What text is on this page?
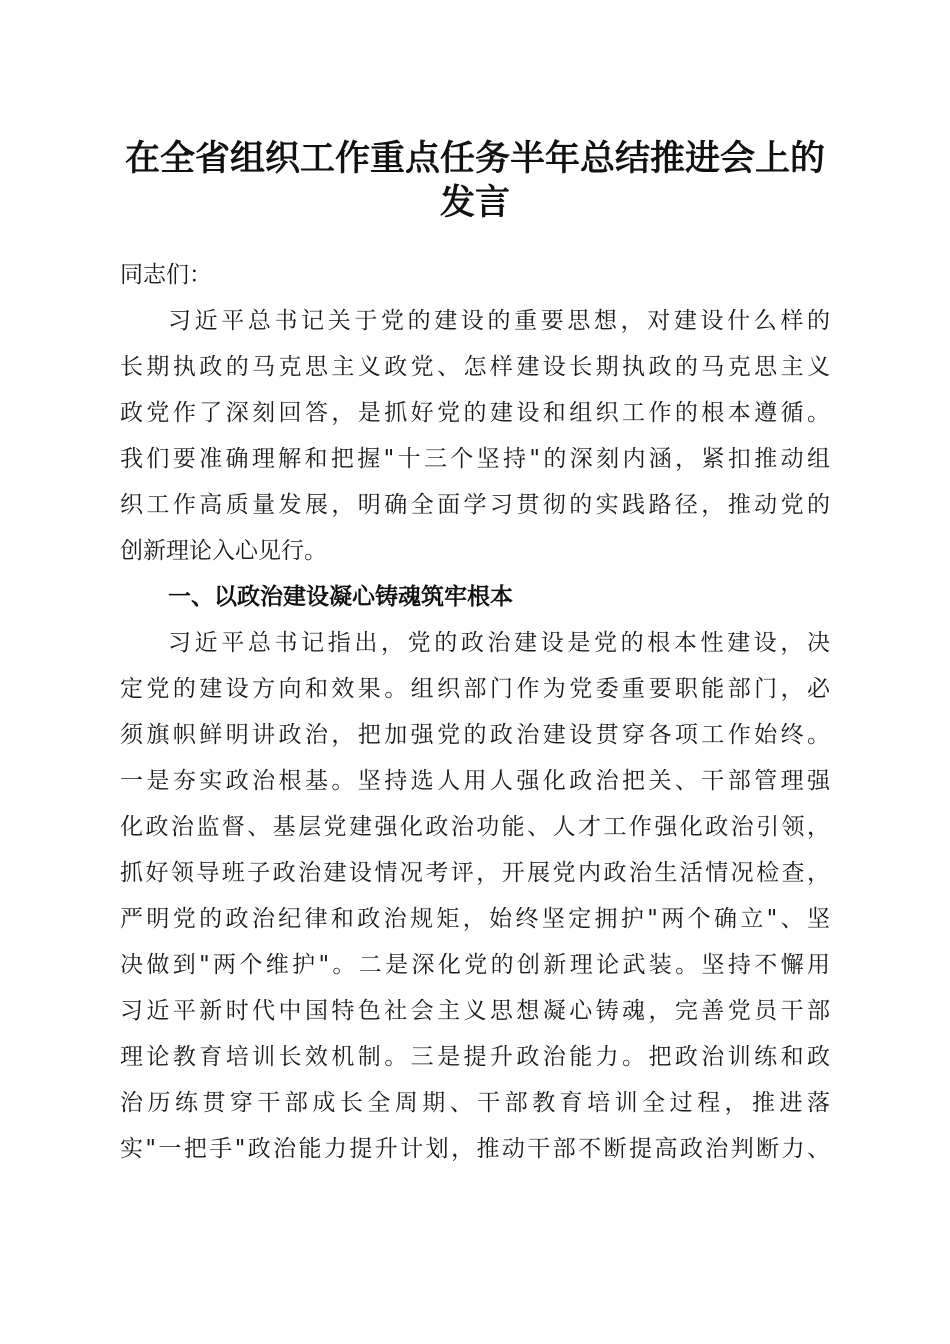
在全省组织工作重点任务半年总结推进会上的
发言
同志们：
习近平总书记关于党的建设的重要思想，对建设什么样的
长期执政的马克思主义政党、怎样建设长期执政的马克思主义
政党作了深刻回答，是抓好党的建设和组织工作的根本遵循。
我们要准确理解和把握"十三个坚持"的深刻内涵，紧扣推动组
织工作高质量发展，明确全面学习贯彻的实践路径，推动党的
创新理论入心见行。
一、以政治建设凝心铸魂筑牢根本
习近平总书记指出，党的政治建设是党的根本性建设，决
定党的建设方向和效果。组织部门作为党委重要职能部门，必
须旗帜鲜明讲政治，把加强党的政治建设贯穿各项工作始终。
一是夯实政治根基。坚持选人用人强化政治把关、干部管理强
化政治监督、基层党建强化政治功能、人才工作强化政治引领，
抓好领导班子政治建设情况考评，开展党内政治生活情况检查，
严明党的政治纪律和政治规矩，始终坚定拥护"两个确立"、坚
决做到"两个维护"。二是深化党的创新理论武装。坚持不懈用
习近平新时代中国特色社会主义思想凝心铸魂，完善党员干部
理论教育培训长效机制。三是提升政治能力。把政治训练和政
治历练贯穿干部成长全周期、干部教育培训全过程，推进落
实"一把手"政治能力提升计划，推动干部不断提高政治判断力、
